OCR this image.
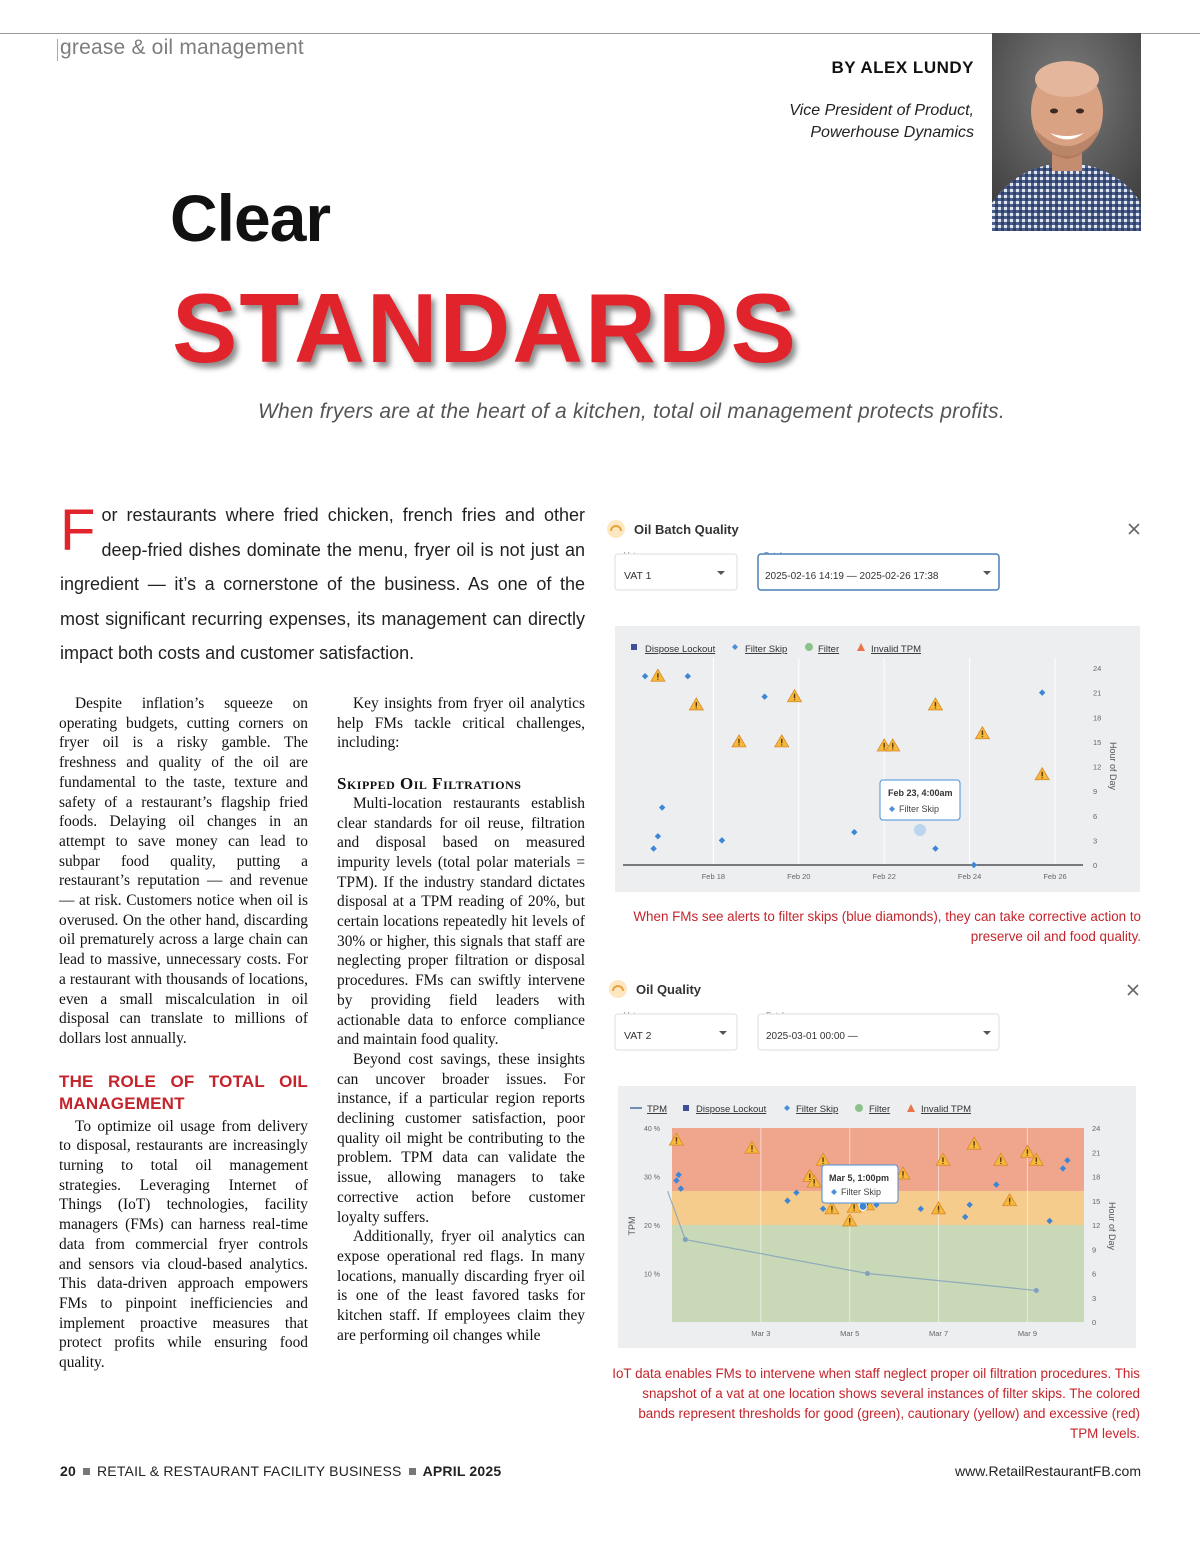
grease & oil management
BY ALEX LUNDY
Vice President of Product,
Powerhouse Dynamics
Clear
STANDARDS
When fryers are at the heart of a kitchen, total oil management protects profits.
For restaurants where fried chicken, french fries and other deep-fried dishes dominate the menu, fryer oil is not just an ingredient — it’s a cornerstone of the business. As one of the most significant recurring expenses, its management can directly impact both costs and customer satisfaction.

Despite inflation’s squeeze on operating budgets, cutting corners on fryer oil is a risky gamble. The freshness and quality of the oil are fundamental to the taste, texture and safety of a restaurant’s flagship fried foods. Delaying oil changes in an attempt to save money can lead to subpar food quality, putting a restaurant’s reputation — and revenue — at risk. Customers notice when oil is overused. On the other hand, discarding oil prematurely across a large chain can lead to massive, unnecessary costs. For a restaurant with thousands of locations, even a small miscalculation in oil disposal can translate to millions of dollars lost annually.

THE ROLE OF TOTAL OIL MANAGEMENT

To optimize oil usage from delivery to disposal, restaurants are increasingly turning to total oil management strategies. Leveraging Internet of Things (IoT) technologies, facility managers (FMs) can harness real-time data from commercial fryer controls and sensors via cloud-based analytics. This data-driven approach empowers FMs to pinpoint inefficiencies and implement proactive measures that protect profits while ensuring food quality.

Key insights from fryer oil analytics help FMs tackle critical challenges, including:

Skipped Oil Filtrations

Multi-location restaurants establish clear standards for oil reuse, filtration and disposal based on measured impurity levels (total polar materials = TPM). If the industry standard dictates disposal at a TPM reading of 20%, but certain locations repeatedly hit levels of 30% or higher, this signals that staff are neglecting proper filtration or disposal procedures. FMs can swiftly intervene by providing field leaders with actionable data to enforce compliance and maintain food quality.

Beyond cost savings, these insights can uncover broader issues. For instance, if a particular region reports declining customer satisfaction, poor quality oil might be contributing to the problem. TPM data can validate the issue, allowing managers to take corrective action before customer loyalty suffers.

Additionally, fryer oil analytics can expose operational red flags. In many locations, manually discarding fryer oil is one of the least favored tasks for kitchen staff. If employees claim they are performing oil changes while

Oil Batch Quality
VAT 1	2025-02-16 14:19 — 2025-02-26 17:38
Dispose Lockout	Filter Skip	Filter	Invalid TPM
Feb 18	Feb 20	Feb 22	Feb 24	Feb 26
0
3
6
9
12
15
18
21
24
Hour of Day
Feb 23, 4:00am
Filter Skip
When FMs see alerts to filter skips (blue diamonds), they can take corrective action to preserve oil and food quality.
Oil Quality
VAT 2	2025-03-01 00:00 —
TPM	Dispose Lockout	Filter Skip	Filter	Invalid TPM
Mar 3	Mar 5	Mar 7	Mar 9
10 %
20 %
30 %
40 %
0
3
6
9
12
15
18
21
24
TPM	Hour of Day
Mar 5, 1:00pm
Filter Skip
IoT data enables FMs to intervene when staff neglect proper oil filtration procedures. This snapshot of a vat at one location shows several instances of filter skips. The colored bands represent thresholds for good (green), cautionary (yellow) and excessive (red) TPM levels.
20 RETAIL & RESTAURANT FACILITY BUSINESS APRIL 2025	www.RetailRestaurantFB.com
